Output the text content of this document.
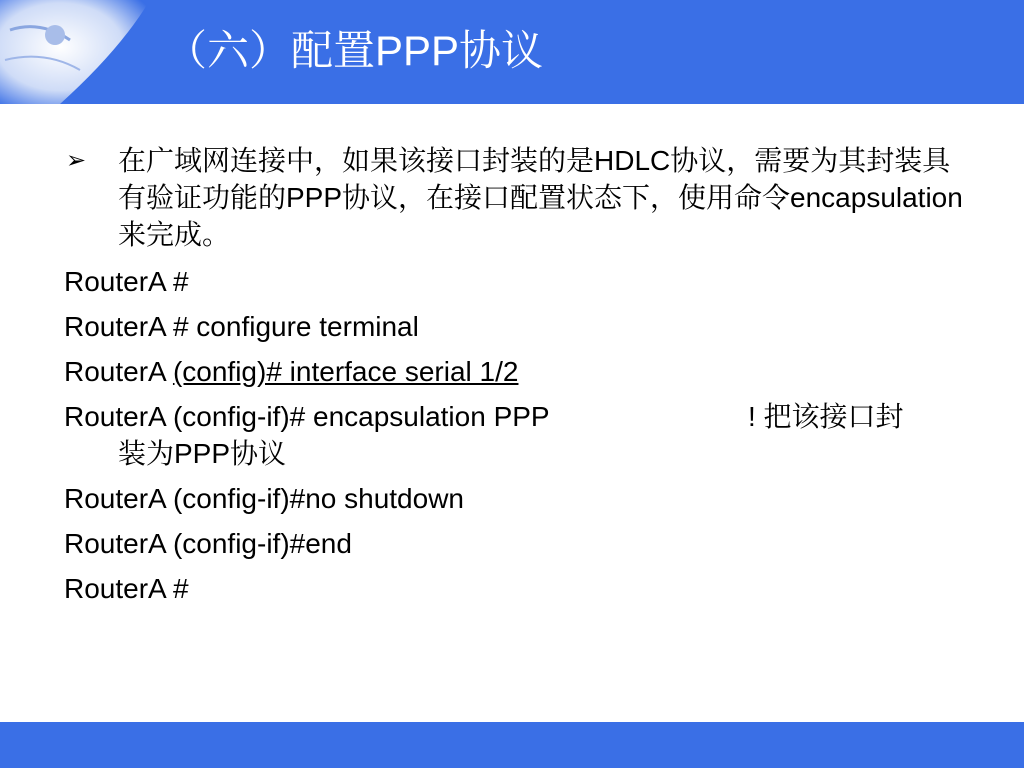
（六）配置PPP协议
➢ 在广域网连接中，如果该接口封装的是HDLC协议，需要为其封装具有验证功能的PPP协议，在接口配置状态下，使用命令encapsulation来完成。
RouterA #
RouterA # configure terminal
RouterA (config)# interface serial 1/2
RouterA (config-if)# encapsulation PPP	! 把该接口封
装为PPP协议
RouterA (config-if)#no shutdown
RouterA (config-if)#end
RouterA #
